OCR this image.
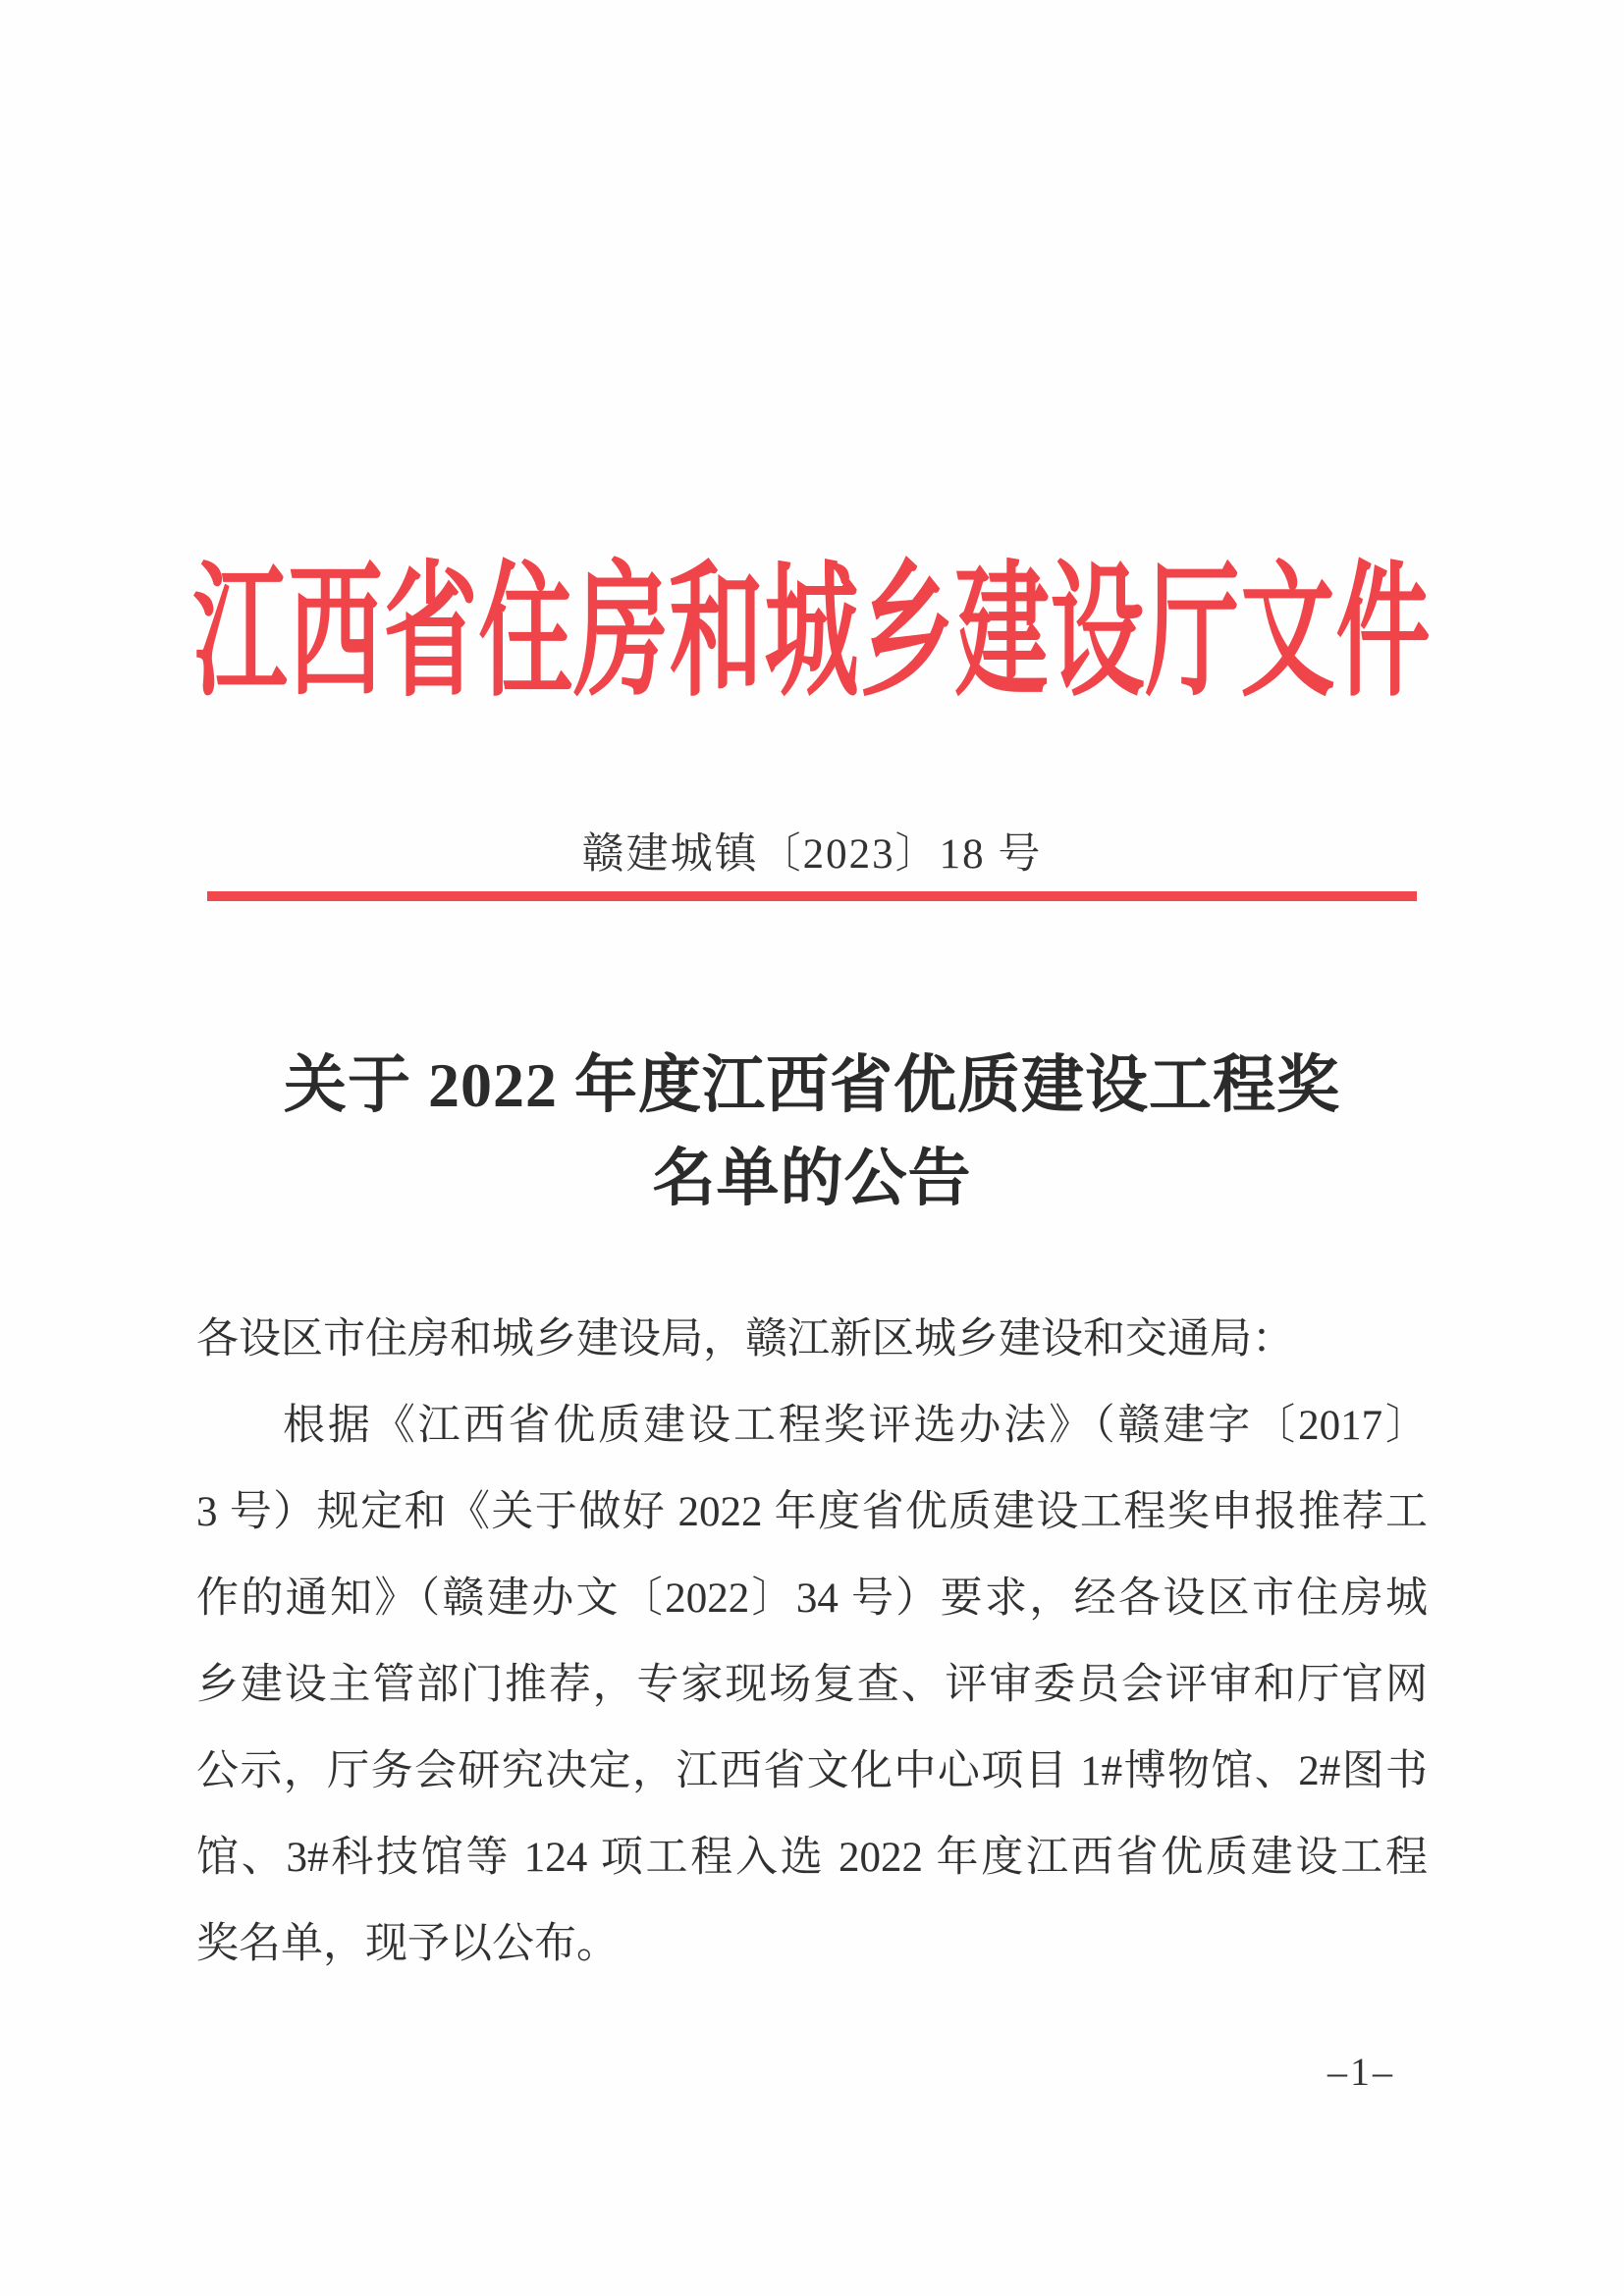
江西省住房和城乡建设厅文件
赣建城镇〔2023〕18 号
关于 2022 年度江西省优质建设工程奖
名单的公告
各设区市住房和城乡建设局，赣江新区城乡建设和交通局：
根据《江西省优质建设工程奖评选办法》（赣建字〔2017〕
3 号）规定和《关于做好 2022 年度省优质建设工程奖申报推荐工
作的通知》（赣建办文〔2022〕34 号）要求，经各设区市住房城
乡建设主管部门推荐，专家现场复查、评审委员会评审和厅官网
公示，厅务会研究决定，江西省文化中心项目 1#博物馆、2#图书
馆、3#科技馆等 124 项工程入选 2022 年度江西省优质建设工程
奖名单，现予以公布。
–1–
